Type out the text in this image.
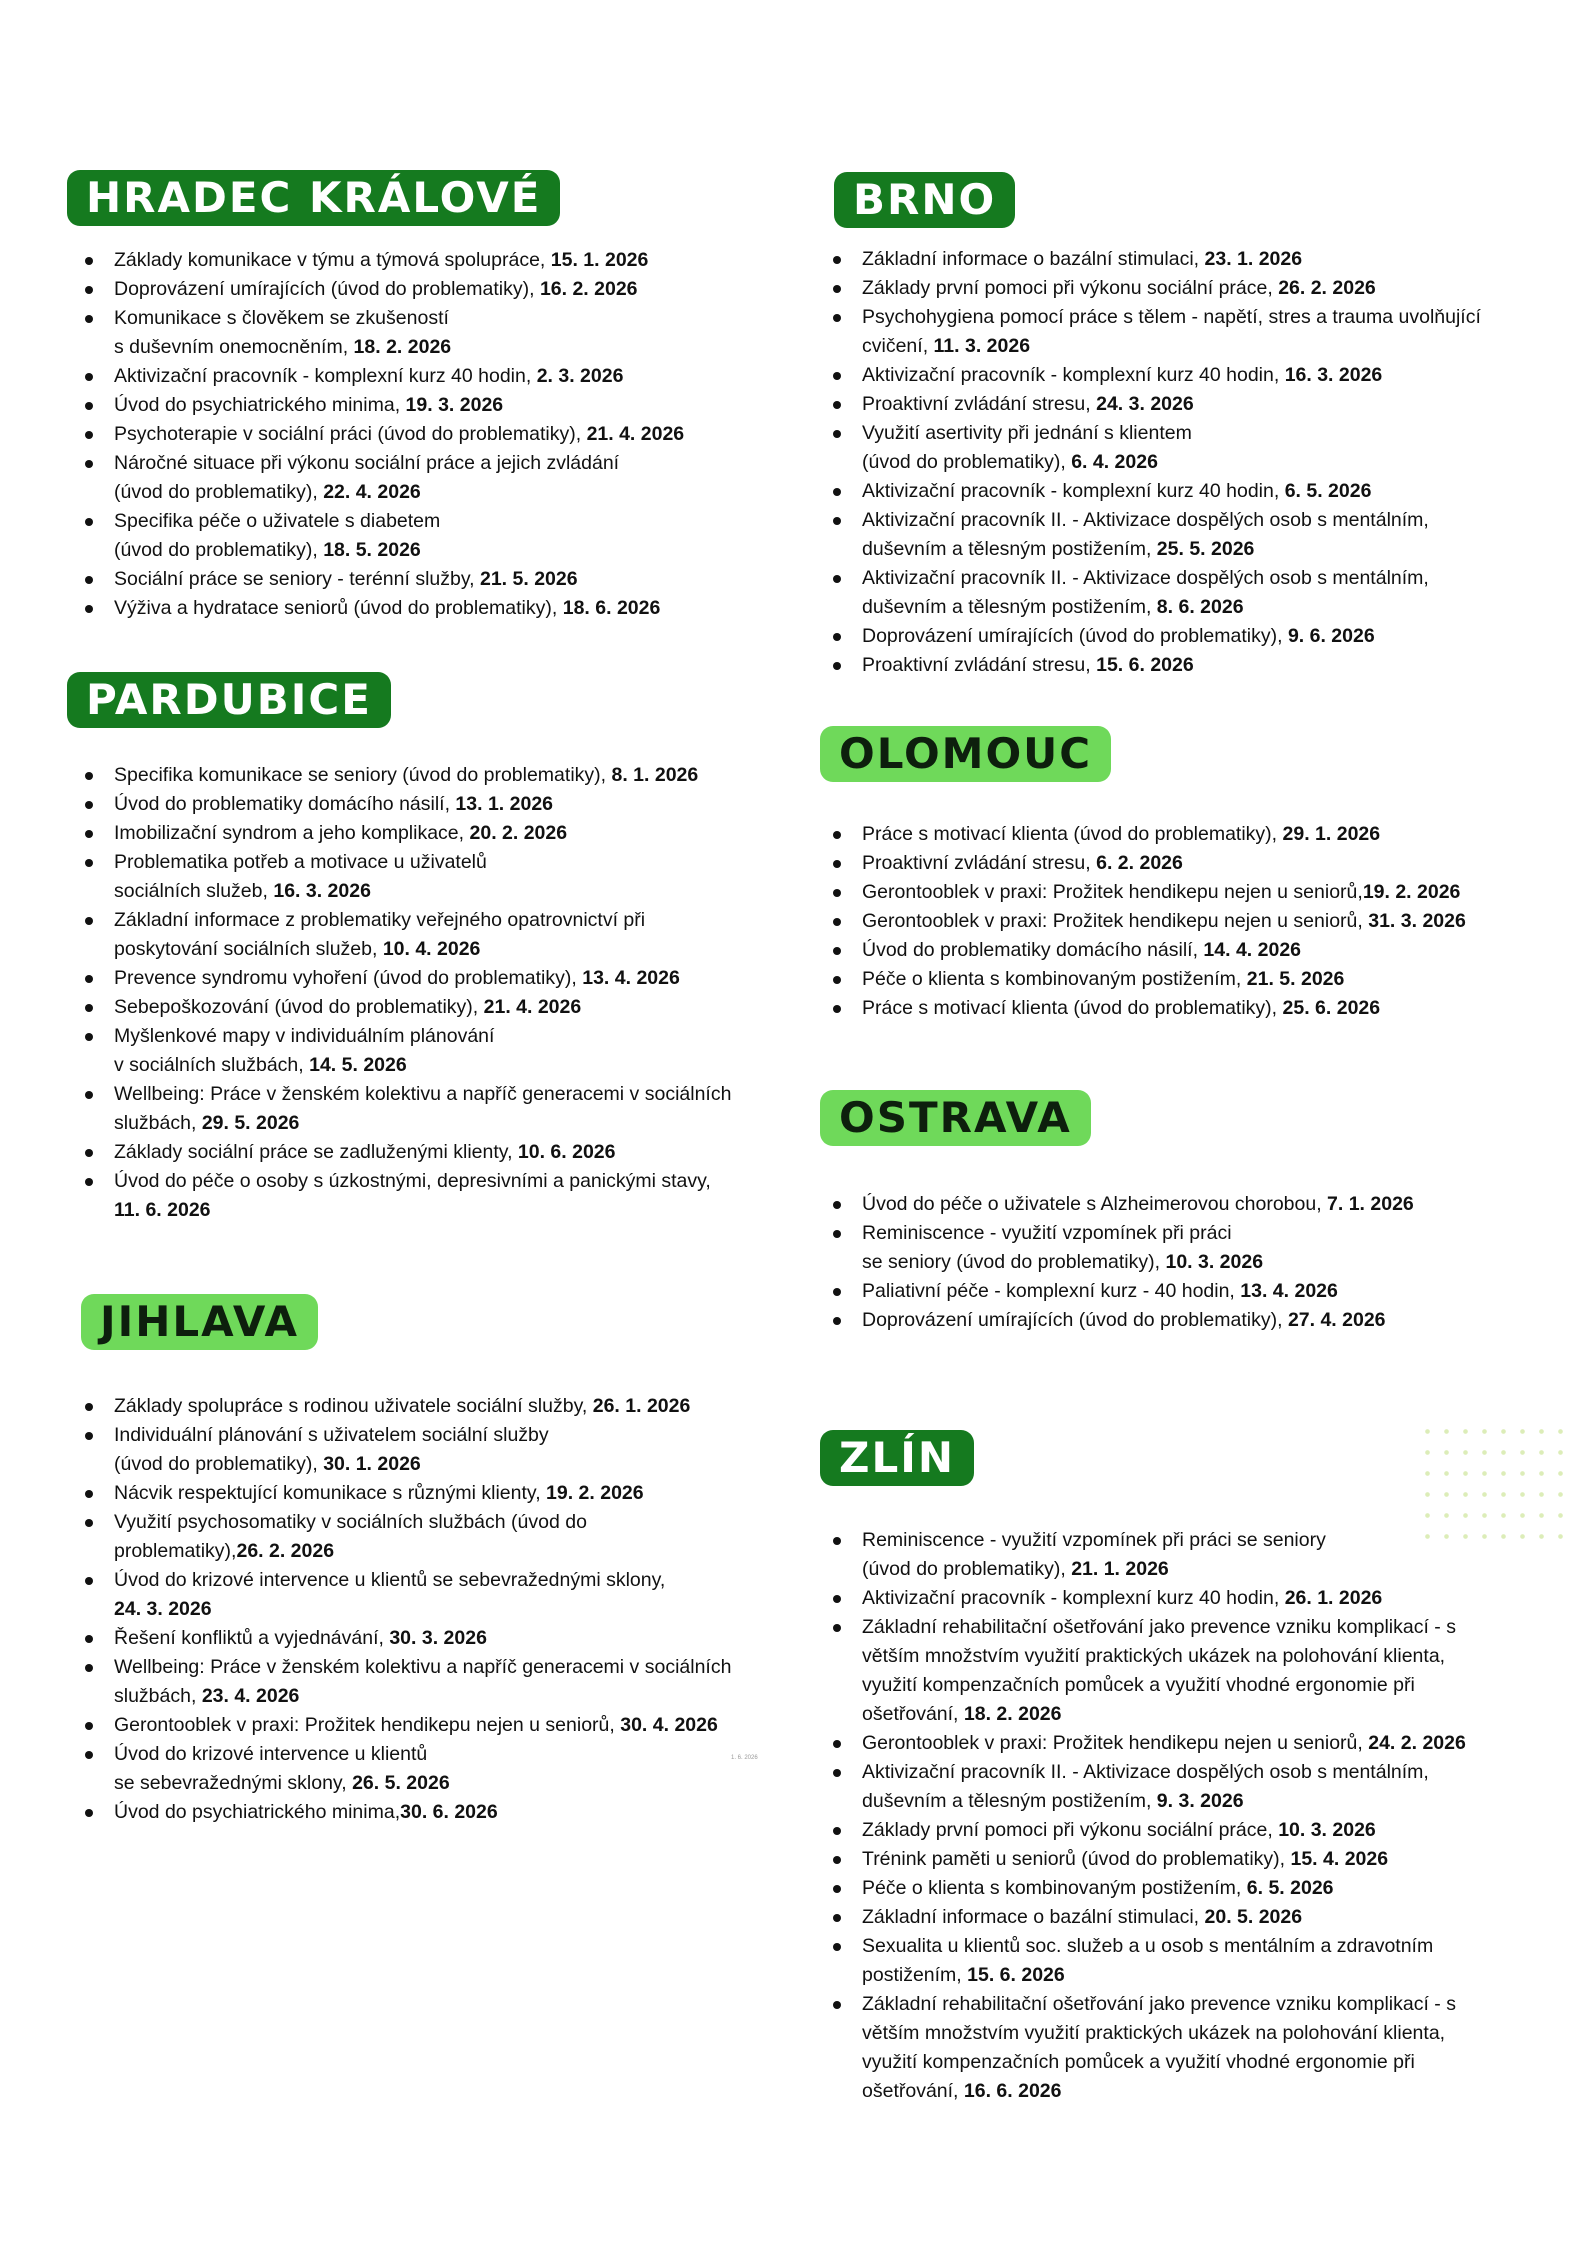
HRADEC KRÁLOVÉ
Základy komunikace v týmu a týmová spolupráce, 15. 1. 2026
Doprovázení umírajících (úvod do problematiky), 16. 2. 2026
Komunikace s člověkem se zkušeností
s duševním onemocněním, 18. 2. 2026
Aktivizační pracovník - komplexní kurz 40 hodin, 2. 3. 2026
Úvod do psychiatrického minima, 19. 3. 2026
Psychoterapie v sociální práci (úvod do problematiky), 21. 4. 2026
Náročné situace při výkonu sociální práce a jejich zvládání
(úvod do problematiky), 22. 4. 2026
Specifika péče o uživatele s diabetem
(úvod do problematiky), 18. 5. 2026
Sociální práce se seniory - terénní služby, 21. 5. 2026
Výživa a hydratace seniorů (úvod do problematiky), 18. 6. 2026
PARDUBICE
Specifika komunikace se seniory (úvod do problematiky), 8. 1. 2026
Úvod do problematiky domácího násilí, 13. 1. 2026
Imobilizační syndrom a jeho komplikace, 20. 2. 2026
Problematika potřeb a motivace u uživatelů
sociálních služeb, 16. 3. 2026
Základní informace z problematiky veřejného opatrovnictví při
poskytování sociálních služeb, 10. 4. 2026
Prevence syndromu vyhoření (úvod do problematiky), 13. 4. 2026
Sebepoškozování (úvod do problematiky), 21. 4. 2026
Myšlenkové mapy v individuálním plánování
v sociálních službách, 14. 5. 2026
Wellbeing: Práce v ženském kolektivu a napříč generacemi v sociálních
službách, 29. 5. 2026
Základy sociální práce se zadluženými klienty, 10. 6. 2026
Úvod do péče o osoby s úzkostnými, depresivními a panickými stavy,
11. 6. 2026
JIHLAVA
Základy spolupráce s rodinou uživatele sociální služby, 26. 1. 2026
Individuální plánování s uživatelem sociální služby
(úvod do problematiky), 30. 1. 2026
Nácvik respektující komunikace s různými klienty, 19. 2. 2026
Využití psychosomatiky v sociálních službách (úvod do
problematiky),26. 2. 2026
Úvod do krizové intervence u klientů se sebevražednými sklony,
24. 3. 2026
Řešení konfliktů a vyjednávání, 30. 3. 2026
Wellbeing: Práce v ženském kolektivu a napříč generacemi v sociálních
službách, 23. 4. 2026
Gerontooblek v praxi: Prožitek hendikepu nejen u seniorů, 30. 4. 2026
Úvod do krizové intervence u klientů
se sebevražednými sklony, 26. 5. 2026
Úvod do psychiatrického minima,30. 6. 2026
BRNO
Základní informace o bazální stimulaci, 23. 1. 2026
Základy první pomoci při výkonu sociální práce, 26. 2. 2026
Psychohygiena pomocí práce s tělem - napětí, stres a trauma uvolňující
cvičení, 11. 3. 2026
Aktivizační pracovník - komplexní kurz 40 hodin, 16. 3. 2026
Proaktivní zvládání stresu, 24. 3. 2026
Využití asertivity při jednání s klientem
(úvod do problematiky), 6. 4. 2026
Aktivizační pracovník - komplexní kurz 40 hodin, 6. 5. 2026
Aktivizační pracovník II. - Aktivizace dospělých osob s mentálním,
duševním a tělesným postižením, 25. 5. 2026
Aktivizační pracovník II. - Aktivizace dospělých osob s mentálním,
duševním a tělesným postižením, 8. 6. 2026
Doprovázení umírajících (úvod do problematiky), 9. 6. 2026
Proaktivní zvládání stresu, 15. 6. 2026
OLOMOUC
Práce s motivací klienta (úvod do problematiky), 29. 1. 2026
Proaktivní zvládání stresu, 6. 2. 2026
Gerontooblek v praxi: Prožitek hendikepu nejen u seniorů,19. 2. 2026
Gerontooblek v praxi: Prožitek hendikepu nejen u seniorů, 31. 3. 2026
Úvod do problematiky domácího násilí, 14. 4. 2026
Péče o klienta s kombinovaným postižením, 21. 5. 2026
Práce s motivací klienta (úvod do problematiky), 25. 6. 2026
OSTRAVA
Úvod do péče o uživatele s Alzheimerovou chorobou, 7. 1. 2026
Reminiscence - využití vzpomínek při práci
se seniory (úvod do problematiky), 10. 3. 2026
Paliativní péče - komplexní kurz - 40 hodin, 13. 4. 2026
Doprovázení umírajících (úvod do problematiky), 27. 4. 2026
ZLÍN
Reminiscence - využití vzpomínek při práci se seniory
(úvod do problematiky), 21. 1. 2026
Aktivizační pracovník - komplexní kurz 40 hodin, 26. 1. 2026
Základní rehabilitační ošetřování jako prevence vzniku komplikací - s
větším množstvím využití praktických ukázek na polohování klienta,
využití kompenzačních pomůcek a využití vhodné ergonomie při
ošetřování, 18. 2. 2026
Gerontooblek v praxi: Prožitek hendikepu nejen u seniorů, 24. 2. 2026
Aktivizační pracovník II. - Aktivizace dospělých osob s mentálním,
duševním a tělesným postižením, 9. 3. 2026
Základy první pomoci při výkonu sociální práce, 10. 3. 2026
Trénink paměti u seniorů (úvod do problematiky), 15. 4. 2026
Péče o klienta s kombinovaným postižením, 6. 5. 2026
Základní informace o bazální stimulaci, 20. 5. 2026
Sexualita u klientů soc. služeb a u osob s mentálním a zdravotním
postižením, 15. 6. 2026
Základní rehabilitační ošetřování jako prevence vzniku komplikací - s
větším množstvím využití praktických ukázek na polohování klienta,
využití kompenzačních pomůcek a využití vhodné ergonomie při
ošetřování, 16. 6. 2026
1. 6. 2026
